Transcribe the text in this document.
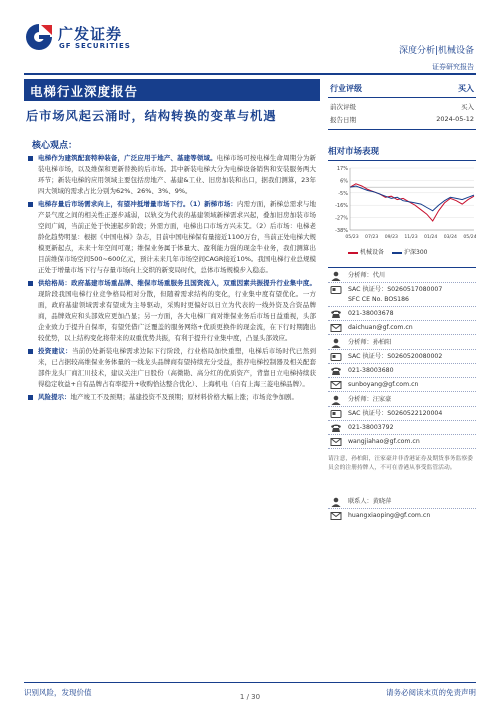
广发证券
GF SECURITIES	深度分析|机械设备
证券研究报告
电梯行业深度报告
后市场风起云涌时，结构转换的变革与机遇
核心观点：
电梯作为建筑配套特种装备，广泛应用于地产、基建等领域。电梯市场可按电梯生命周期分为新装电梯市场，以及维保和更新替换的后市场。其中新装电梯大分为电梯设备销售和安装服务两大环节；新装电梯的应用领域主要包括房地产、基建&工业、旧房加装和出口，据我们测算，23年四大领域的需求占比分别为62%、26%、3%、9%。
电梯存量后市场需求向上，有望冲抵增量市场下行。（1）新梯市场：内需方面，新梯总需求与地产景气度之间的相关性正逐步减弱，以轨交为代表的基建领域新梯需求兴起，叠加旧房加装市场空间广阔，当前正处于快速起步阶段；外需方面，电梯出口市场方兴未艾。（2）后市场：电梯老龄化趋势明显：根据《中国电梯》杂志，目前中国电梯保有量接近1100万台，当前正处电梯大规模更新起点，未来十年空间可观；维保业务属于体量大、盈利能力强的现金牛业务，我们测算出目前维保市场空间500~600亿元，预计未来几年市场空间CAGR接近10%。我国电梯行业总规模正处于增量市场下行与存量市场向上交织的新变局时代，总体市场规模步入稳态。
供给格局：政府基建市场重品牌、维保市场重服务且国资流入，双重因素共振提升行业集中度。现阶段我国电梯行业竞争格局相对分散，但随着需求结构的变化，行业集中度有望优化。一方面，政府基建领域需求有望成为主导驱动，采购时更偏好以日立为代表的一线外资及合资品牌商，品牌效应和头部效应更加凸显；另一方面，各大电梯厂商对维保业务后市场日益重视，头部企业致力于提升自保率，有望凭借广泛覆盖的服务网络+优质更换件的现金流，在下行时期跑出较优势，以上结构变化将带来的双重优势共振，有利于提升行业集中度，凸显头部效应。
投资建议：当前仍处新装电梯需求边际下行阶段，行业格局加快重塑，电梯后市场时代已然到来，已占据较高维保业务体量的一线龙头品牌商有望持续充分受益，推荐电梯控制器及相关配套部件龙头厂商汇川技术，建议关注广日股份（高微勘、高分红的优质资产，背靠日立电梯持续获得稳定收益+自有品牌占有率提升+收购恰达整合优化）、上海机电（自有上海三菱电梯品牌）。
风险提示：地产竣工不及预期；基建投资不及预期；原材料价格大幅上涨；市场竞争加剧。
行业评级	买入
前次评级	买入
报告日期	2024-05-12
相对市场表现
17%
6%
-5%
-16%
-27%
-38%
05/23 07/23 09/23 11/23 01/24 03/24 05/24
机械设备	沪深300
分析师：代川
SAC 执证号：S0260517080007
SFC CE No. BOS186
021-38003678
daichuan@gf.com.cn
分析师：孙柏阳
SAC 执证号：S0260520080002
021-38003680
sunboyang@gf.com.cn
分析师：汪家豪
SAC 执证号：S0260522120004
021-38003792
wangjiahao@gf.com.cn
请注意，孙柏阳，汪家豪并非香港证券及期货事务监察委员会的注册持牌人，不可在香港从事受监管活动。
联系人：黄晓萍
huangxiaoping@gf.com.cn
识别风险，发现价值	请务必阅读末页的免责声明
1 / 30
